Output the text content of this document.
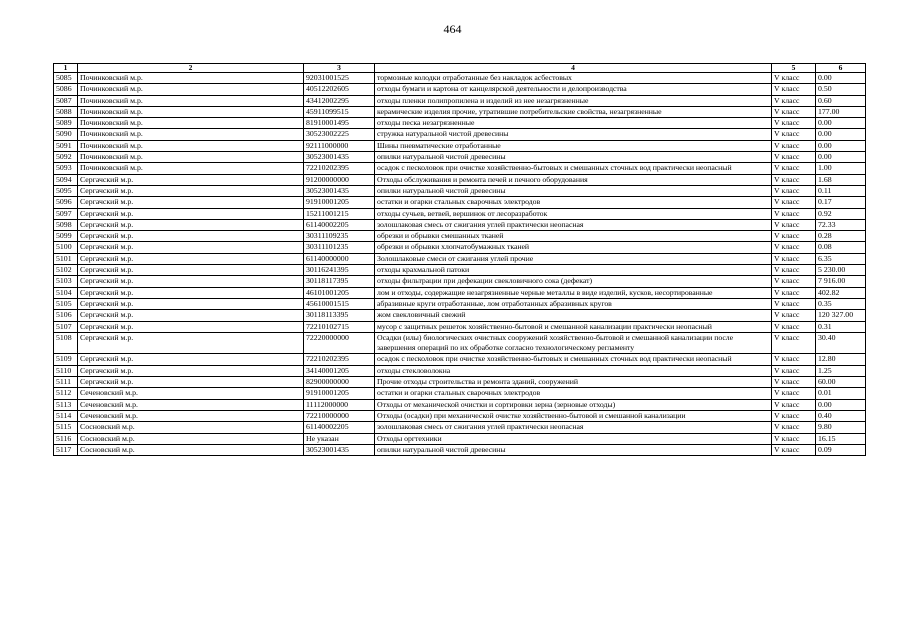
464
1	2	3	4	5	6
5085	Починковский м.р.	92031001525	тормозные колодки отработанные без накладок асбестовых	V класс	0.00
5086	Починковский м.р.	40512202605	отходы бумаги и картона от канцелярской деятельности и делопроизводства	V класс	0.50
5087	Починковский м.р.	43412002295	отходы пленки полипропилена и изделий из нее незагрязненные	V класс	0.60
5088	Починковский м.р.	45911099515	керамические изделия прочие, утратившие потребительские свойства, незагрязненные	V класс	177.00
5089	Починковский м.р.	81910001495	отходы песка незагрязненные	V класс	0.00
5090	Починковский м.р.	30523002225	стружка натуральной чистой древесины	V класс	0.00
5091	Починковский м.р.	92111000000	Шины пневматические отработанные	V класс	0.00
5092	Починковский м.р.	30523001435	опилки натуральной чистой древесины	V класс	0.00
5093	Починковский м.р.	72210202395	осадок с песколовок при очистке хозяйственно-бытовых и смешанных сточных вод практически неопасный	V класс	1.00
5094	Сергачский м.р.	91200000000	Отходы обслуживания и ремонта печей и печного оборудования	V класс	1.68
5095	Сергачский м.р.	30523001435	опилки натуральной чистой древесины	V класс	0.11
5096	Сергачский м.р.	91910001205	остатки и огарки стальных сварочных электродов	V класс	0.17
5097	Сергачский м.р.	15211001215	отходы сучьев, ветвей, вершинок от лесоразработок	V класс	0.92
5098	Сергачский м.р.	61140002205	золошлаковая смесь от сжигания углей практически неопасная	V класс	72.33
5099	Сергачский м.р.	30311109235	обрезки и обрывки смешанных тканей	V класс	0.28
5100	Сергачский м.р.	30311101235	обрезки и обрывки хлопчатобумажных тканей	V класс	0.08
5101	Сергачский м.р.	61140000000	Золошлаковые смеси от сжигания углей прочие	V класс	6.35
5102	Сергачский м.р.	30116241395	отходы крахмальной патоки	V класс	5 230.00
5103	Сергачский м.р.	30118117395	отходы фильтрации при дефекации свекловичного сока (дефекат)	V класс	7 916.00
5104	Сергачский м.р.	46101001205	лом и отходы, содержащие незагрязненные черные металлы в виде изделий, кусков, несортированные	V класс	402.82
5105	Сергачский м.р.	45610001515	абразивные круги отработанные, лом отработанных абразивных кругов	V класс	0.35
5106	Сергачский м.р.	30118113395	жом свекловичный свежий	V класс	120 327.00
5107	Сергачский м.р.	72210102715	мусор с защитных решеток хозяйственно-бытовой и смешанной канализации практически неопасный	V класс	0.31
5108	Сергачский м.р.	72220000000	Осадки (илы) биологических очистных сооружений хозяйственно-бытовой и смешанной канализации после завершения операций по их обработке согласно технологическому регламенту	V класс	30.40
5109	Сергачский м.р.	72210202395	осадок с песколовок при очистке хозяйственно-бытовых и смешанных сточных вод практически неопасный	V класс	12.80
5110	Сергачский м.р.	34140001205	отходы стекловолокна	V класс	1.25
5111	Сергачский м.р.	82900000000	Прочие отходы строительства и ремонта зданий, сооружений	V класс	60.00
5112	Сеченовский м.р.	91910001205	остатки и огарки стальных сварочных электродов	V класс	0.01
5113	Сеченовский м.р.	11112000000	Отходы от механической очистки и сортировки зерна (зерновые отходы)	V класс	0.00
5114	Сеченовский м.р.	72210000000	Отходы (осадки) при механической очистке хозяйственно-бытовой и смешанной канализации	V класс	0.40
5115	Сосновский м.р.	61140002205	золошлаковая смесь от сжигания углей практически неопасная	V класс	9.80
5116	Сосновский м.р.	Не указан	Отходы оргтехники	V класс	16.15
5117	Сосновский м.р.	30523001435	опилки натуральной чистой древесины	V класс	0.09
